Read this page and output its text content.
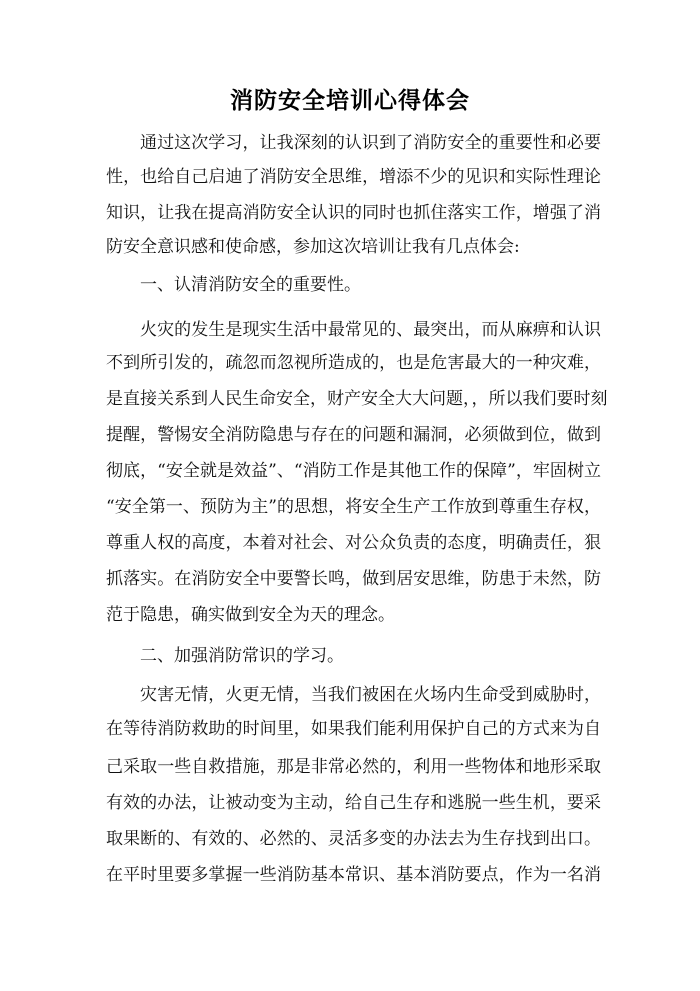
消防安全培训心得体会
通过这次学习，让我深刻的认识到了消防安全的重要性和必要
性，也给自己启迪了消防安全思维，增添不少的见识和实际性理论
知识，让我在提高消防安全认识的同时也抓住落实工作，增强了消
防安全意识感和使命感，参加这次培训让我有几点体会:
一、认清消防安全的重要性。
火灾的发生是现实生活中最常见的、最突出，而从麻痹和认识
不到所引发的，疏忽而忽视所造成的，也是危害最大的一种灾难，
是直接关系到人民生命安全，财产安全大大问题，，所以我们要时刻
提醒，警惕安全消防隐患与存在的问题和漏洞，必须做到位，做到
彻底，“安全就是效益”、“消防工作是其他工作的保障”，牢固树立
“安全第一、预防为主”的思想，将安全生产工作放到尊重生存权，
尊重人权的高度，本着对社会、对公众负责的态度，明确责任，狠
抓落实。在消防安全中要警长鸣，做到居安思维，防患于未然，防
范于隐患，确实做到安全为天的理念。
二、加强消防常识的学习。
灾害无情，火更无情，当我们被困在火场内生命受到威胁时，
在等待消防救助的时间里，如果我们能利用保护自己的方式来为自
己采取一些自救措施，那是非常必然的，利用一些物体和地形采取
有效的办法，让被动变为主动，给自己生存和逃脱一些生机，要采
取果断的、有效的、必然的、灵活多变的办法去为生存找到出口。
在平时里要多掌握一些消防基本常识、基本消防要点，作为一名消
